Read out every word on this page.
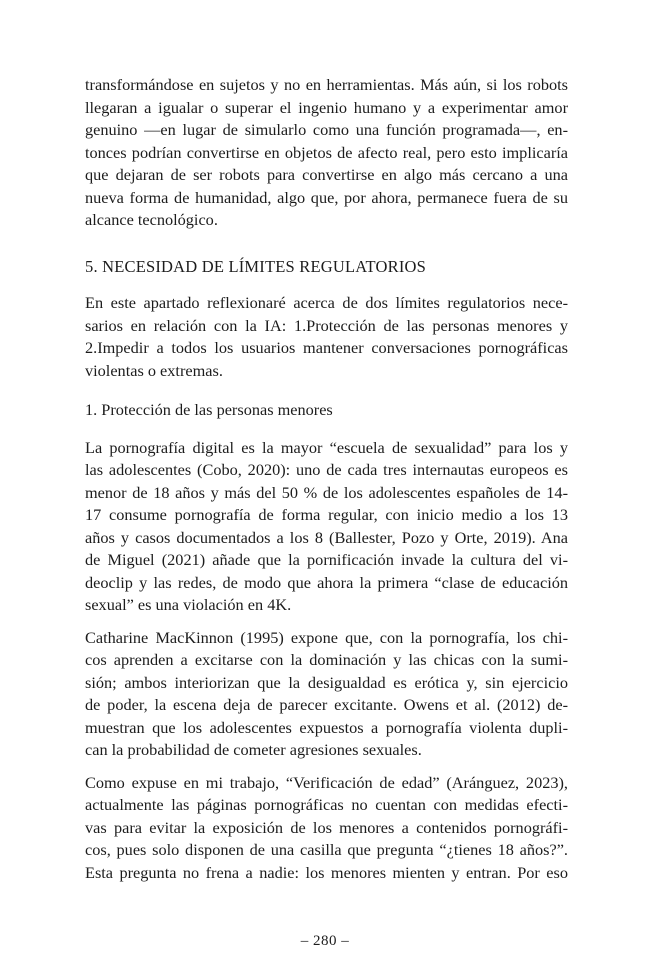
transformándose en sujetos y no en herramientas. Más aún, si los robots
llegaran a igualar o superar el ingenio humano y a experimentar amor
genuino —en lugar de simularlo como una función programada—, en-
tonces podrían convertirse en objetos de afecto real, pero esto implicaría
que dejaran de ser robots para convertirse en algo más cercano a una
nueva forma de humanidad, algo que, por ahora, permanece fuera de su
alcance tecnológico.

5. NECESIDAD DE LÍMITES REGULATORIOS

En este apartado reflexionaré acerca de dos límites regulatorios nece-
sarios en relación con la IA: 1.Protección de las personas menores y
2.Impedir a todos los usuarios mantener conversaciones pornográficas
violentas o extremas.

1. Protección de las personas menores

La pornografía digital es la mayor “escuela de sexualidad” para los y
las adolescentes (Cobo, 2020): uno de cada tres internautas europeos es
menor de 18 años y más del 50 % de los adolescentes españoles de 14-
17 consume pornografía de forma regular, con inicio medio a los 13
años y casos documentados a los 8 (Ballester, Pozo y Orte, 2019). Ana
de Miguel (2021) añade que la pornificación invade la cultura del vi-
deoclip y las redes, de modo que ahora la primera “clase de educación
sexual” es una violación en 4K.

Catharine MacKinnon (1995) expone que, con la pornografía, los chi-
cos aprenden a excitarse con la dominación y las chicas con la sumi-
sión; ambos interiorizan que la desigualdad es erótica y, sin ejercicio
de poder, la escena deja de parecer excitante. Owens et al. (2012) de-
muestran que los adolescentes expuestos a pornografía violenta dupli-
can la probabilidad de cometer agresiones sexuales.

Como expuse en mi trabajo, “Verificación de edad” (Aránguez, 2023),
actualmente las páginas pornográficas no cuentan con medidas efecti-
vas para evitar la exposición de los menores a contenidos pornográfi-
cos, pues solo disponen de una casilla que pregunta “¿tienes 18 años?”.
Esta pregunta no frena a nadie: los menores mienten y entran. Por eso

– 280 –
